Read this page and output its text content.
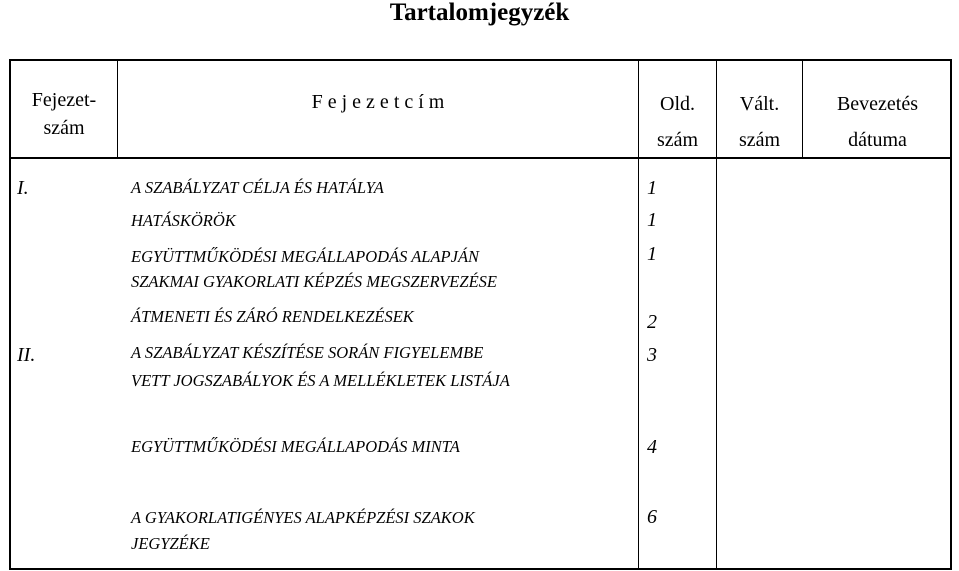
Tartalomjegyzék
Fejezet-
szám
F e j e z e t c í m	Old.
szám
Vált.
szám
Bevezetés
dátuma
I.
II.
A SZABÁLYZAT CÉLJA ÉS HATÁLYA
HATÁSKÖRÖK
EGYÜTTMŰKÖDÉSI MEGÁLLAPODÁS ALAPJÁN
SZAKMAI GYAKORLATI KÉPZÉS MEGSZERVEZÉSE
ÁTMENETI ÉS ZÁRÓ RENDELKEZÉSEK
A SZABÁLYZAT KÉSZÍTÉSE SORÁN FIGYELEMBE
VETT JOGSZABÁLYOK ÉS A MELLÉKLETEK LISTÁJA
EGYÜTTMŰKÖDÉSI MEGÁLLAPODÁS MINTA
A GYAKORLATIGÉNYES ALAPKÉPZÉSI SZAKOK
JEGYZÉKE
1
1
1
2
3
4
6
